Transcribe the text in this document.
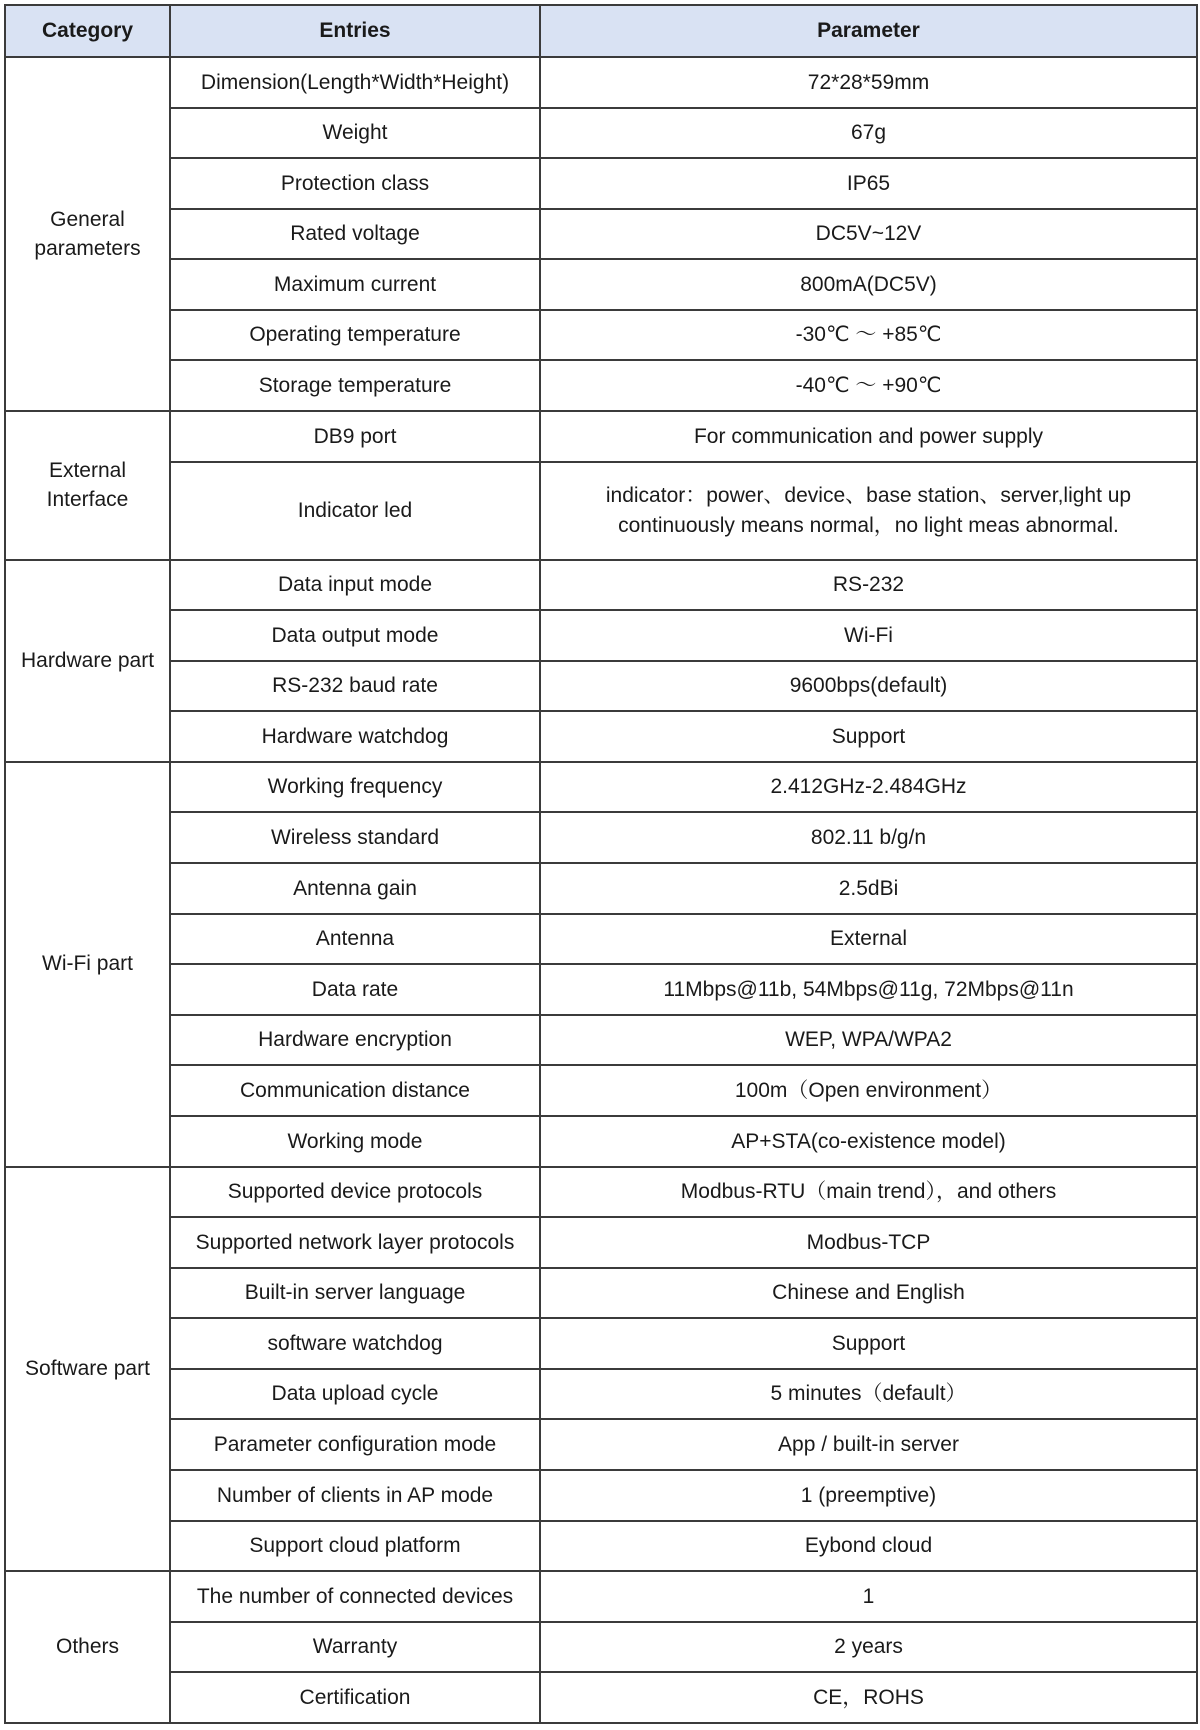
Category	Entries	Parameter
General parameters	Dimension(Length*Width*Height)	72*28*59mm
	Weight	67g
	Protection class	IP65
	Rated voltage	DC5V~12V
	Maximum current	800mA(DC5V)
	Operating temperature	-30℃ ～ +85℃
	Storage temperature	-40℃ ～ +90℃
External Interface	DB9 port	For communication and power supply
	Indicator led	indicator：power、device、base station、server,light up continuously means normal，no light meas abnormal.
Hardware part	Data input mode	RS-232
	Data output mode	Wi-Fi
	RS-232 baud rate	9600bps(default)
	Hardware watchdog	Support
Wi-Fi part	Working frequency	2.412GHz-2.484GHz
	Wireless standard	802.11 b/g/n
	Antenna gain	2.5dBi
	Antenna	External
	Data rate	11Mbps@11b, 54Mbps@11g, 72Mbps@11n
	Hardware encryption	WEP, WPA/WPA2
	Communication distance	100m（Open environment）
	Working mode	AP+STA(co-existence model)
Software part	Supported device protocols	Modbus-RTU（main trend），and others
	Supported network layer protocols	Modbus-TCP
	Built-in server language	Chinese and English
	software watchdog	Support
	Data upload cycle	5 minutes（default）
	Parameter configuration mode	App / built-in server
	Number of clients in AP mode	1 (preemptive)
	Support cloud platform	Eybond cloud
Others	The number of connected devices	1
	Warranty	2 years
	Certification	CE，ROHS
